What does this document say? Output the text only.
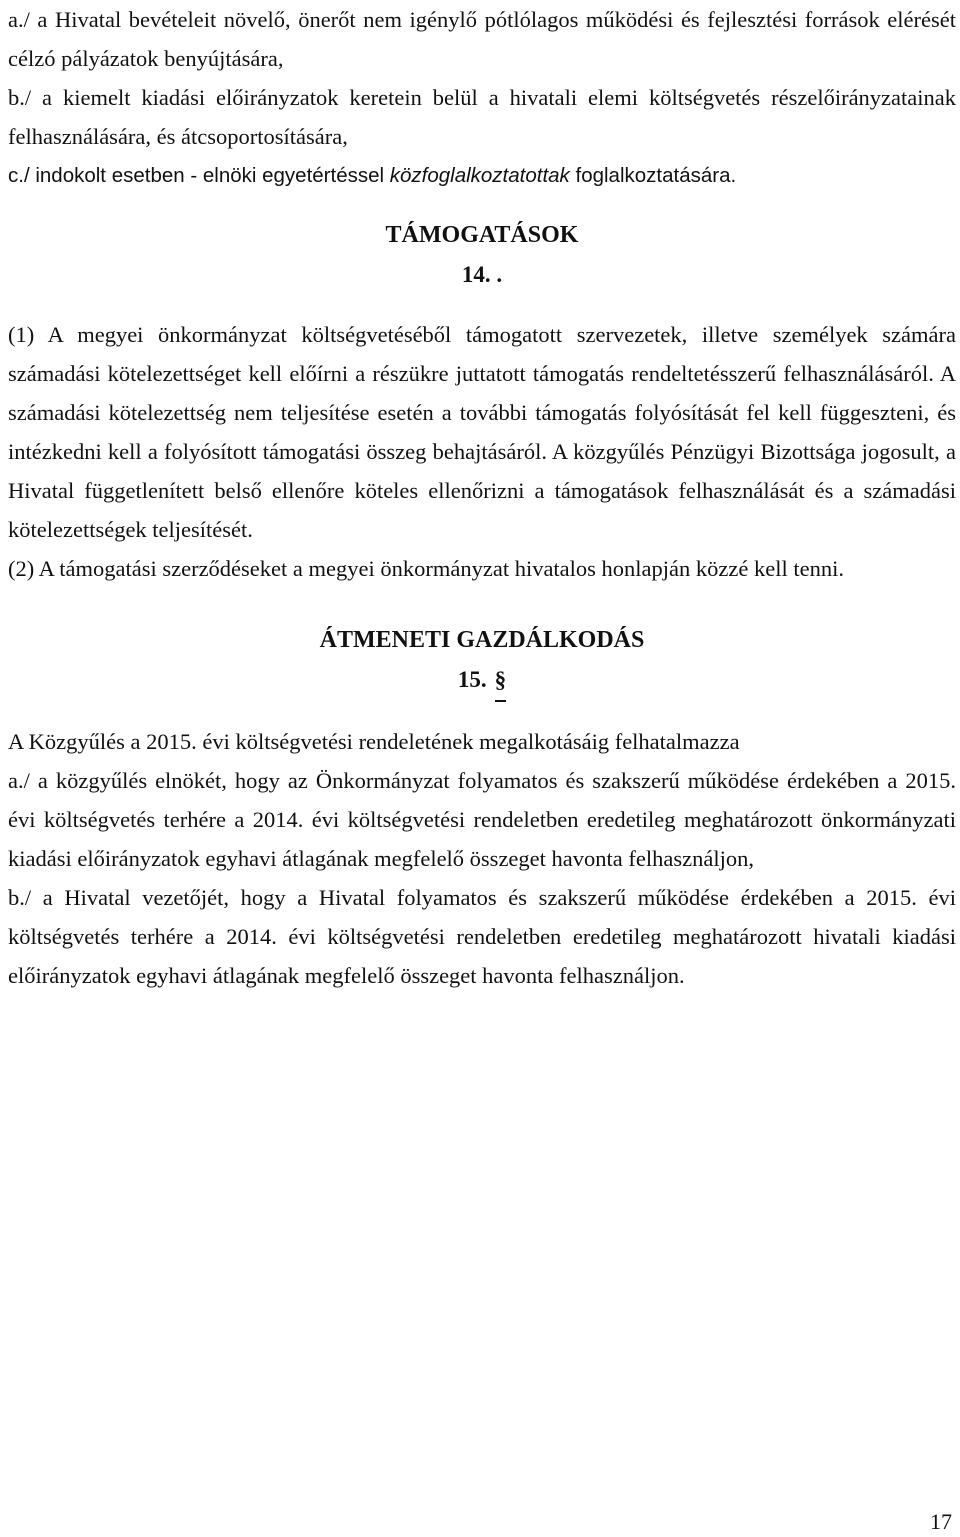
a./ a Hivatal bevételeit növelő, önerőt nem igénylő pótlólagos működési és fejlesztési források elérését célzó pályázatok benyújtására,

b./ a kiemelt kiadási előirányzatok keretein belül a hivatali elemi költségvetés részelőirányzatainak felhasználására, és átcsoportosítására,

c./ indokolt esetben - elnöki egyetértéssel közfoglalkoztatottak foglalkoztatására.

TÁMOGATÁSOK

14. .

(1) A megyei önkormányzat költségvetéséből támogatott szervezetek, illetve személyek számára számadási kötelezettséget kell előírni a részükre juttatott támogatás rendeltetésszerű felhasználásáról. A számadási kötelezettség nem teljesítése esetén a további támogatás folyósítását fel kell függeszteni, és intézkedni kell a folyósított támogatási összeg behajtásáról. A közgyűlés Pénzügyi Bizottsága jogosult, a Hivatal függetlenített belső ellenőre köteles ellenőrizni a támogatások felhasználását és a számadási kötelezettségek teljesítését.

(2) A támogatási szerződéseket a megyei önkormányzat hivatalos honlapján közzé kell tenni.

ÁTMENETI GAZDÁLKODÁS

15. §

A Közgyűlés a 2015. évi költségvetési rendeletének megalkotásáig felhatalmazza

a./ a közgyűlés elnökét, hogy az Önkormányzat folyamatos és szakszerű működése érdekében a 2015. évi költségvetés terhére a 2014. évi költségvetési rendeletben eredetileg meghatározott önkormányzati kiadási előirányzatok egyhavi átlagának megfelelő összeget havonta felhasználjon,

b./ a Hivatal vezetőjét, hogy a Hivatal folyamatos és szakszerű működése érdekében a 2015. évi költségvetés terhére a 2014. évi költségvetési rendeletben eredetileg meghatározott hivatali kiadási előirányzatok egyhavi átlagának megfelelő összeget havonta felhasználjon.

17
